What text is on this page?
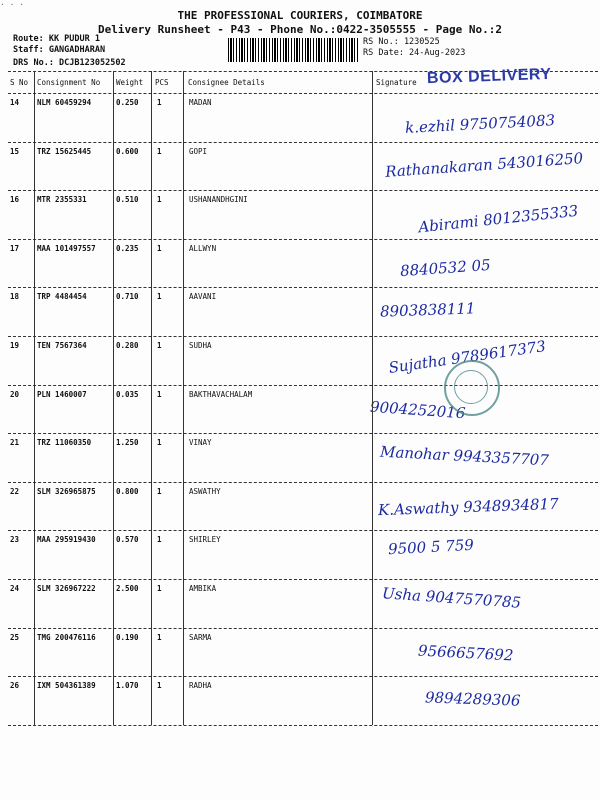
· · ·
THE PROFESSIONAL COURIERS, COIMBATORE
Delivery Runsheet - P43 - Phone No.:0422-3505555 - Page No.:2
Route: KK PUDUR 1
Staff: GANGADHARAN
DRS No.: DCJB123052502
RS No.: 1230525
RS Date: 24-Aug-2023
S No Consignment No Weight PCS	Consignee Details	Signature BOX DELIVERY
14 NLM 60459294	0.250 1	MADAN
k.ezhil 9750754083
15 TRZ 15625445	0.600 1	GOPI	Rathanakaran 543016250
16 MTR 2355331	0.510 1	USHANANDHGINI
Abirami 8012355333
17 MAA 101497557	0.235 1	ALLWYN
8840532 05
18 TRP 4484454	0.710 1	AAVANI
8903838111
19 TEN 7567364	0.280 1	SUDHA	Sujatha 9789617373
20 PLN 1460007	0.035 1	BAKTHAVACHALAM
9004252016
21 TRZ 11060350	1.250 1	VINAY
Manohar 9943357707
22 SLM 326965875	0.800 1	ASWATHY
K.Aswathy 9348934817
23 MAA 295919430	0.570 1	SHIRLEY	9500 5 759
24 SLM 326967222	2.500 1	AMBIKA	Usha 9047570785
25 TMG 200476116	0.190 1	SARMA
9566657692
26 IXM 504361389	1.070 1	RADHA
9894289306
